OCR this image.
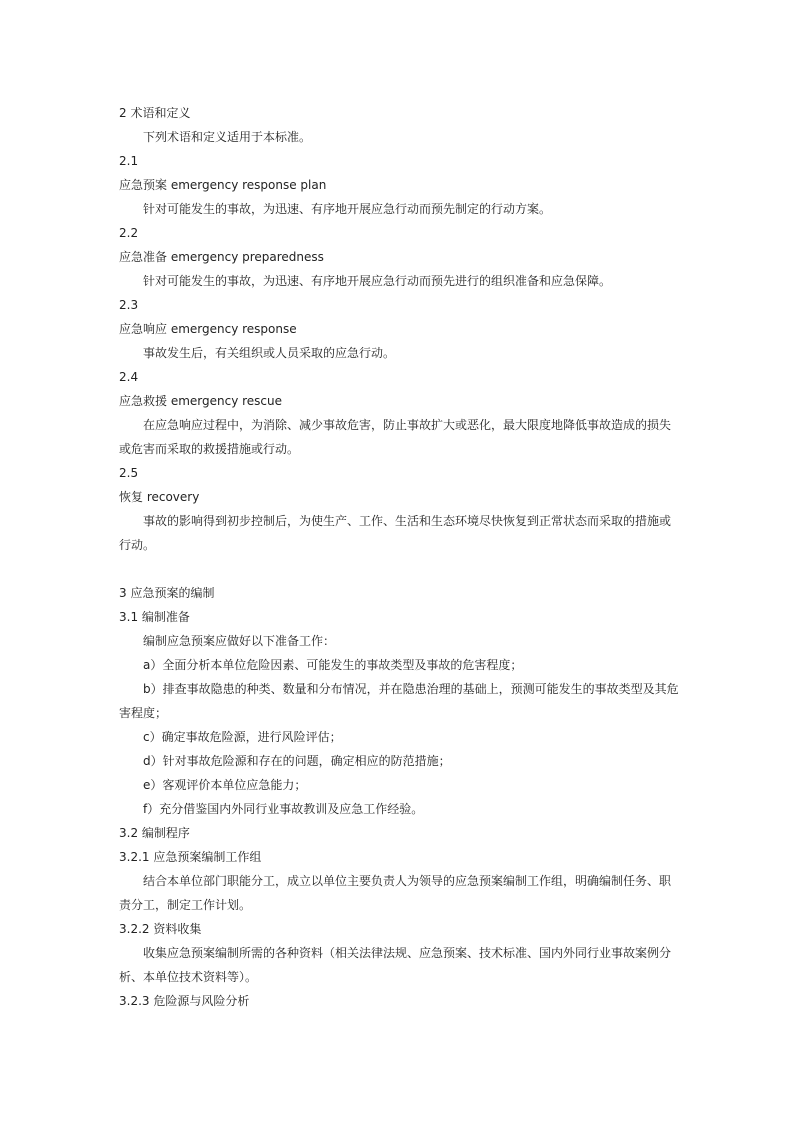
2 术语和定义

下列术语和定义适用于本标准。

2.1

应急预案 emergency response plan

针对可能发生的事故，为迅速、有序地开展应急行动而预先制定的行动方案。

2.2

应急准备 emergency preparedness

针对可能发生的事故，为迅速、有序地开展应急行动而预先进行的组织准备和应急保障。

2.3

应急响应 emergency response

事故发生后，有关组织或人员采取的应急行动。

2.4

应急救援 emergency rescue

在应急响应过程中，为消除、减少事故危害，防止事故扩大或恶化，最大限度地降低事故造成的损失

或危害而采取的救援措施或行动。

2.5

恢复 recovery

事故的影响得到初步控制后，为使生产、工作、生活和生态环境尽快恢复到正常状态而采取的措施或

行动。

3 应急预案的编制

3.1 编制准备

编制应急预案应做好以下准备工作：

a）全面分析本单位危险因素、可能发生的事故类型及事故的危害程度；

b）排查事故隐患的种类、数量和分布情况，并在隐患治理的基础上，预测可能发生的事故类型及其危

害程度；

c）确定事故危险源，进行风险评估；

d）针对事故危险源和存在的问题，确定相应的防范措施；

e）客观评价本单位应急能力；

f）充分借鉴国内外同行业事故教训及应急工作经验。

3.2 编制程序

3.2.1 应急预案编制工作组

结合本单位部门职能分工，成立以单位主要负责人为领导的应急预案编制工作组，明确编制任务、职

责分工，制定工作计划。

3.2.2 资料收集

收集应急预案编制所需的各种资料（相关法律法规、应急预案、技术标准、国内外同行业事故案例分

析、本单位技术资料等）。

3.2.3 危险源与风险分析
